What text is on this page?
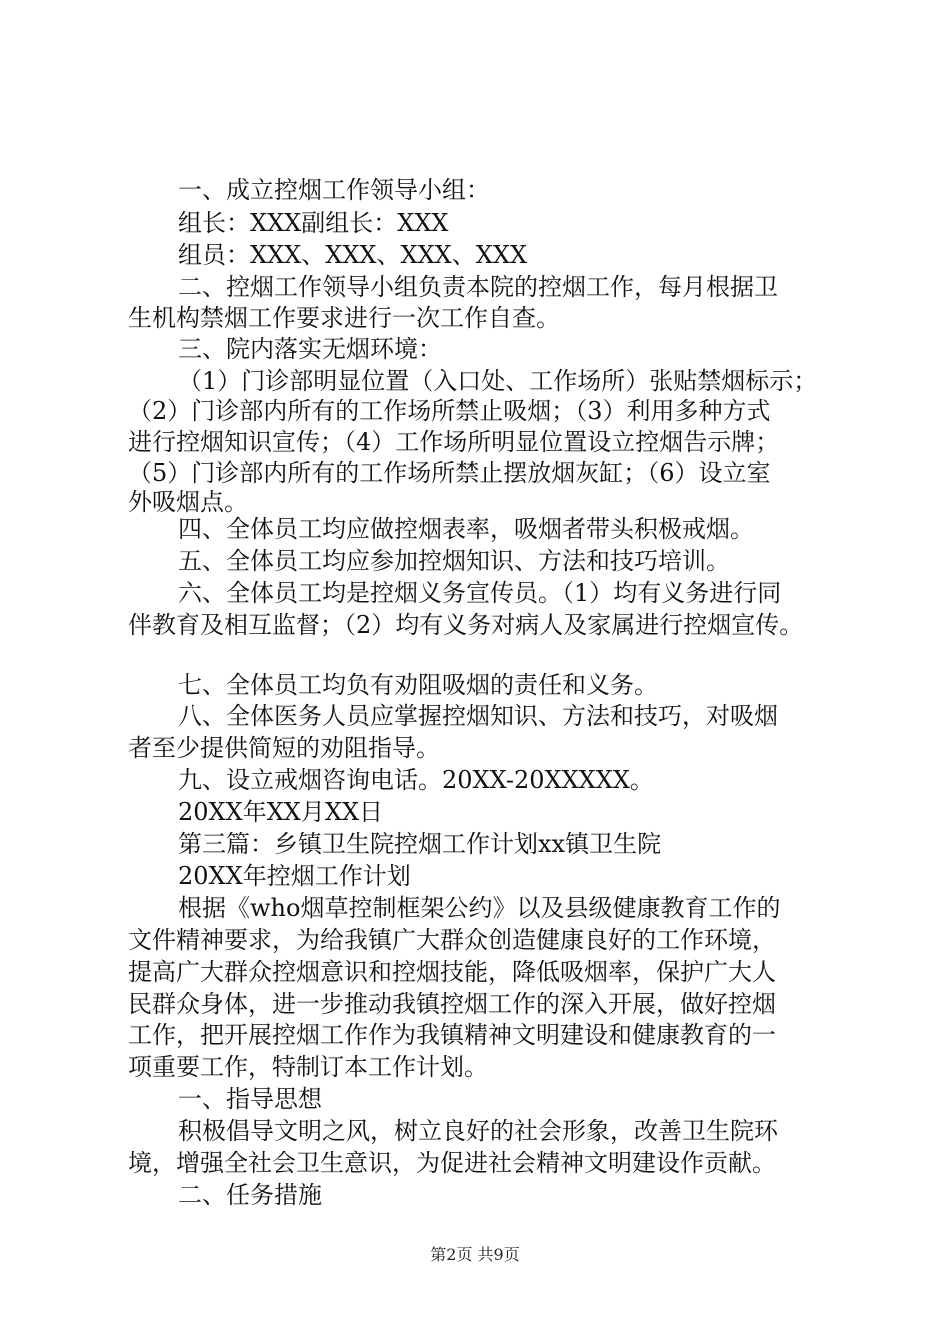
一、成立控烟工作领导小组：
组长：XXX副组长：XXX
组员：XXX、XXX、XXX、XXX
二、控烟工作领导小组负责本院的控烟工作，每月根据卫
生机构禁烟工作要求进行一次工作自查。
三、院内落实无烟环境：
（1）门诊部明显位置（入口处、工作场所）张贴禁烟标示；
（2）门诊部内所有的工作场所禁止吸烟；（3）利用多种方式
进行控烟知识宣传；（4）工作场所明显位置设立控烟告示牌；
（5）门诊部内所有的工作场所禁止摆放烟灰缸；（6）设立室
外吸烟点。
四、全体员工均应做控烟表率，吸烟者带头积极戒烟。
五、全体员工均应参加控烟知识、方法和技巧培训。
六、全体员工均是控烟义务宣传员。（1）均有义务进行同
伴教育及相互监督；（2）均有义务对病人及家属进行控烟宣传。
七、全体员工均负有劝阻吸烟的责任和义务。
八、全体医务人员应掌握控烟知识、方法和技巧，对吸烟
者至少提供简短的劝阻指导。
九、设立戒烟咨询电话。20XX-20XXXXX。
20XX年XX月XX日
第三篇：乡镇卫生院控烟工作计划xx镇卫生院
20XX年控烟工作计划
根据《who烟草控制框架公约》以及县级健康教育工作的
文件精神要求，为给我镇广大群众创造健康良好的工作环境，
提高广大群众控烟意识和控烟技能，降低吸烟率，保护广大人
民群众身体，进一步推动我镇控烟工作的深入开展，做好控烟
工作，把开展控烟工作作为我镇精神文明建设和健康教育的一
项重要工作，特制订本工作计划。
一、指导思想
积极倡导文明之风，树立良好的社会形象，改善卫生院环
境，增强全社会卫生意识，为促进社会精神文明建设作贡献。
二、任务措施
第2页 共9页
